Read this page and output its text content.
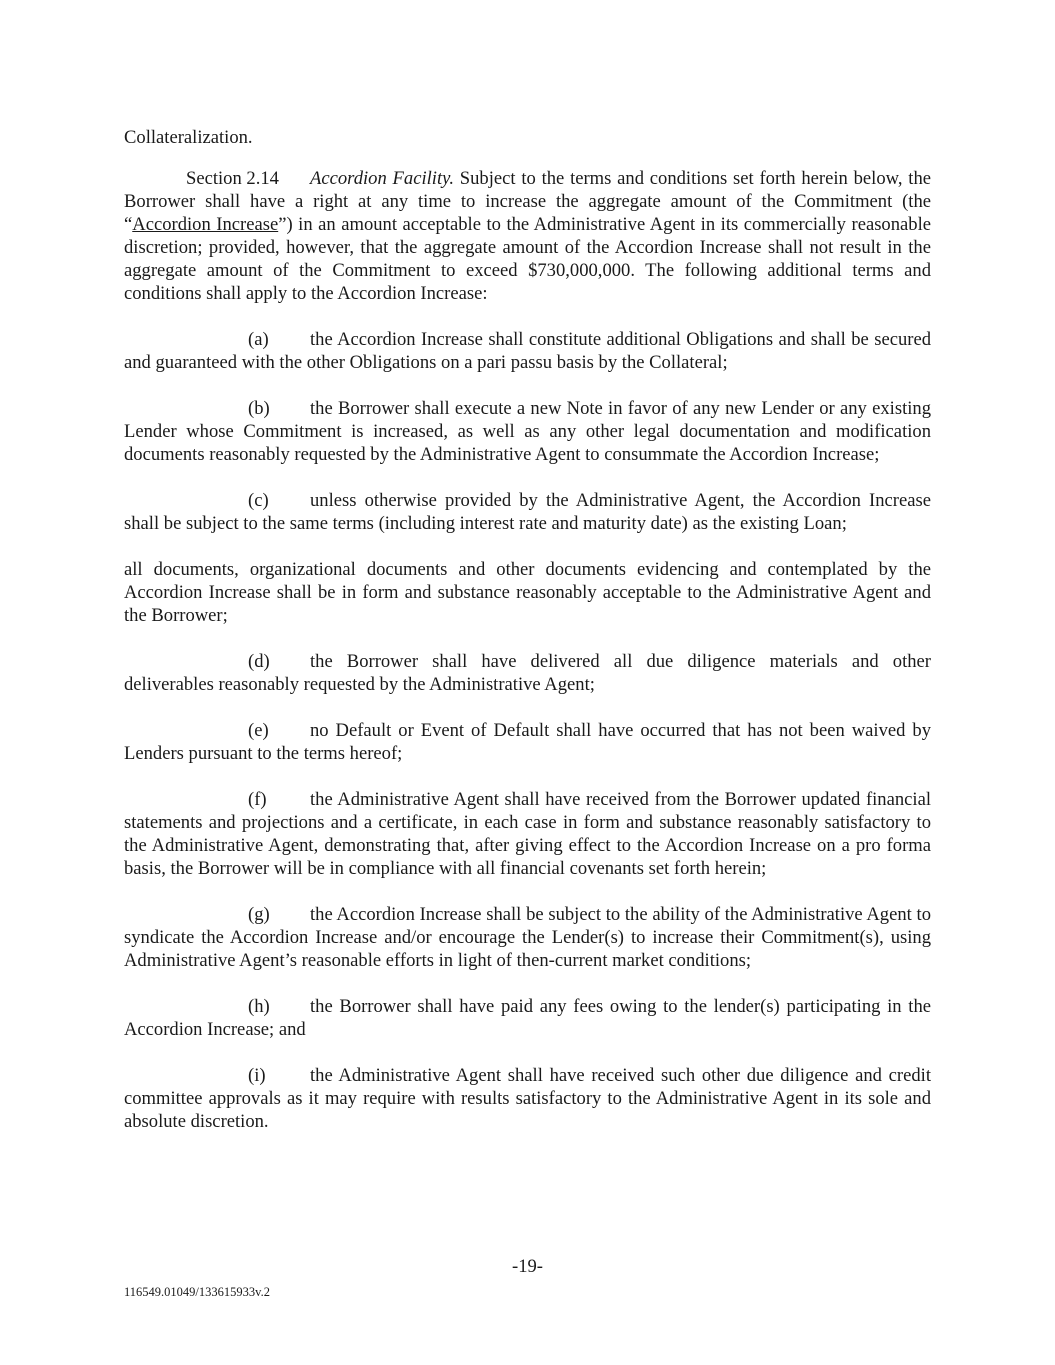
Collateralization.

Section 2.14 Accordion Facility. Subject to the terms and conditions set forth herein below, the Borrower shall have a right at any time to increase the aggregate amount of the Commitment (the “Accordion Increase”) in an amount acceptable to the Administrative Agent in its commercially reasonable discretion; provided, however, that the aggregate amount of the Accordion Increase shall not result in the aggregate amount of the Commitment to exceed $730,000,000. The following additional terms and conditions shall apply to the Accordion Increase:

(a) the Accordion Increase shall constitute additional Obligations and shall be secured and guaranteed with the other Obligations on a pari passu basis by the Collateral;

(b) the Borrower shall execute a new Note in favor of any new Lender or any existing Lender whose Commitment is increased, as well as any other legal documentation and modification documents reasonably requested by the Administrative Agent to consummate the Accordion Increase;

(c) unless otherwise provided by the Administrative Agent, the Accordion Increase shall be subject to the same terms (including interest rate and maturity date) as the existing Loan;

all documents, organizational documents and other documents evidencing and contemplated by the Accordion Increase shall be in form and substance reasonably acceptable to the Administrative Agent and the Borrower;

(d) the Borrower shall have delivered all due diligence materials and other deliverables reasonably requested by the Administrative Agent;

(e) no Default or Event of Default shall have occurred that has not been waived by Lenders pursuant to the terms hereof;

(f) the Administrative Agent shall have received from the Borrower updated financial statements and projections and a certificate, in each case in form and substance reasonably satisfactory to the Administrative Agent, demonstrating that, after giving effect to the Accordion Increase on a pro forma basis, the Borrower will be in compliance with all financial covenants set forth herein;

(g) the Accordion Increase shall be subject to the ability of the Administrative Agent to syndicate the Accordion Increase and/or encourage the Lender(s) to increase their Commitment(s), using Administrative Agent’s reasonable efforts in light of then-current market conditions;

(h) the Borrower shall have paid any fees owing to the lender(s) participating in the Accordion Increase; and

(i) the Administrative Agent shall have received such other due diligence and credit committee approvals as it may require with results satisfactory to the Administrative Agent in its sole and absolute discretion.

-19-
116549.01049/133615933v.2
